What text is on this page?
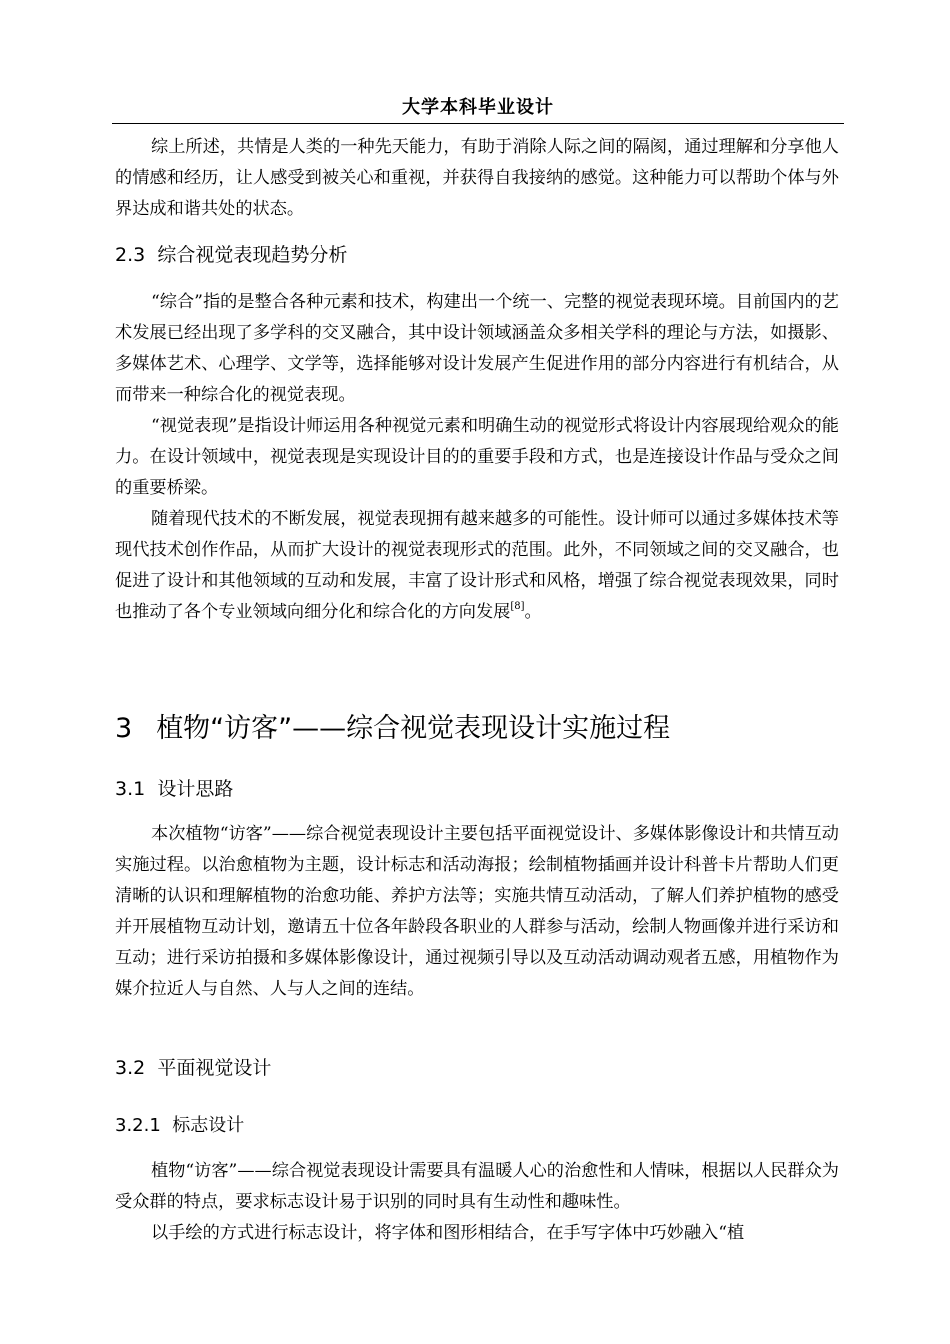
大学本科毕业设计

综上所述，共情是人类的一种先天能力，有助于消除人际之间的隔阂，通过理解和分享他人的情感和经历，让人感受到被关心和重视，并获得自我接纳的感觉。这种能力可以帮助个体与外界达成和谐共处的状态。

2.3 综合视觉表现趋势分析

“综合”指的是整合各种元素和技术，构建出一个统一、完整的视觉表现环境。目前国内的艺术发展已经出现了多学科的交叉融合，其中设计领域涵盖众多相关学科的理论与方法，如摄影、多媒体艺术、心理学、文学等，选择能够对设计发展产生促进作用的部分内容进行有机结合，从而带来一种综合化的视觉表现。

“视觉表现”是指设计师运用各种视觉元素和明确生动的视觉形式将设计内容展现给观众的能力。在设计领域中，视觉表现是实现设计目的的重要手段和方式，也是连接设计作品与受众之间的重要桥梁。

随着现代技术的不断发展，视觉表现拥有越来越多的可能性。设计师可以通过多媒体技术等现代技术创作作品，从而扩大设计的视觉表现形式的范围。此外，不同领域之间的交叉融合，也促进了设计和其他领域的互动和发展，丰富了设计形式和风格，增强了综合视觉表现效果，同时也推动了各个专业领域向细分化和综合化的方向发展[8]。

3 植物“访客”——综合视觉表现设计实施过程
3.1 设计思路

本次植物“访客”——综合视觉表现设计主要包括平面视觉设计、多媒体影像设计和共情互动实施过程。以治愈植物为主题，设计标志和活动海报；绘制植物插画并设计科普卡片帮助人们更清晰的认识和理解植物的治愈功能、养护方法等；实施共情互动活动，了解人们养护植物的感受并开展植物互动计划，邀请五十位各年龄段各职业的人群参与活动，绘制人物画像并进行采访和互动；进行采访拍摄和多媒体影像设计，通过视频引导以及互动活动调动观者五感，用植物作为媒介拉近人与自然、人与人之间的连结。

3.2 平面视觉设计
3.2.1 标志设计

植物“访客”——综合视觉表现设计需要具有温暖人心的治愈性和人情味，根据以人民群众为受众群的特点，要求标志设计易于识别的同时具有生动性和趣味性。

以手绘的方式进行标志设计，将字体和图形相结合，在手写字体中巧妙融入“植
